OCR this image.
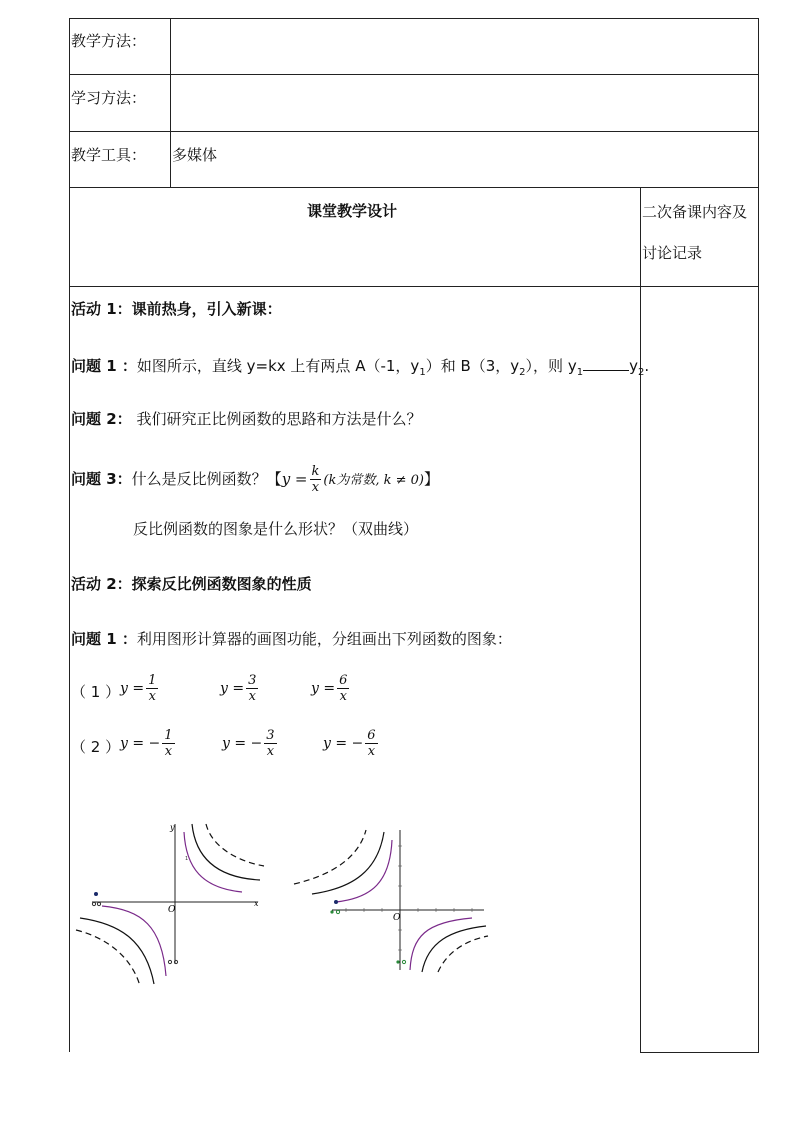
教学方法：
学习方法：
教学工具： 多媒体
课堂教学设计	二次备课内容及
讨论记录
活动 1：课前热身，引入新课：
问题 1 ：如图所示，直线 y=kx 上有两点 A（-1，$y_1$）和 B（3，$y_2$），则 $y_1$	$y_2$.
问题 2： 我们研究正比例函数的思路和方法是什么？
问题 3：什么是反比例函数？【$y = \frac{k}{x} (k$为常数, k ≠ 0)】
反比例函数的图象是什么形状？（双曲线）
活动 2：探索反比例函数图象的性质
问题 1 ：利用图形计算器的画图功能，分组画出下列函数的图象：
（ 1 ） $y = \frac{1}{x}$	$y = \frac{3}{x}$	$y = \frac{6}{x}$
（ 2 ） y = − $\frac{1}{x}$	y = − $\frac{3}{x}$	y = − $\frac{6}{x}$
x
y
O
1
O
